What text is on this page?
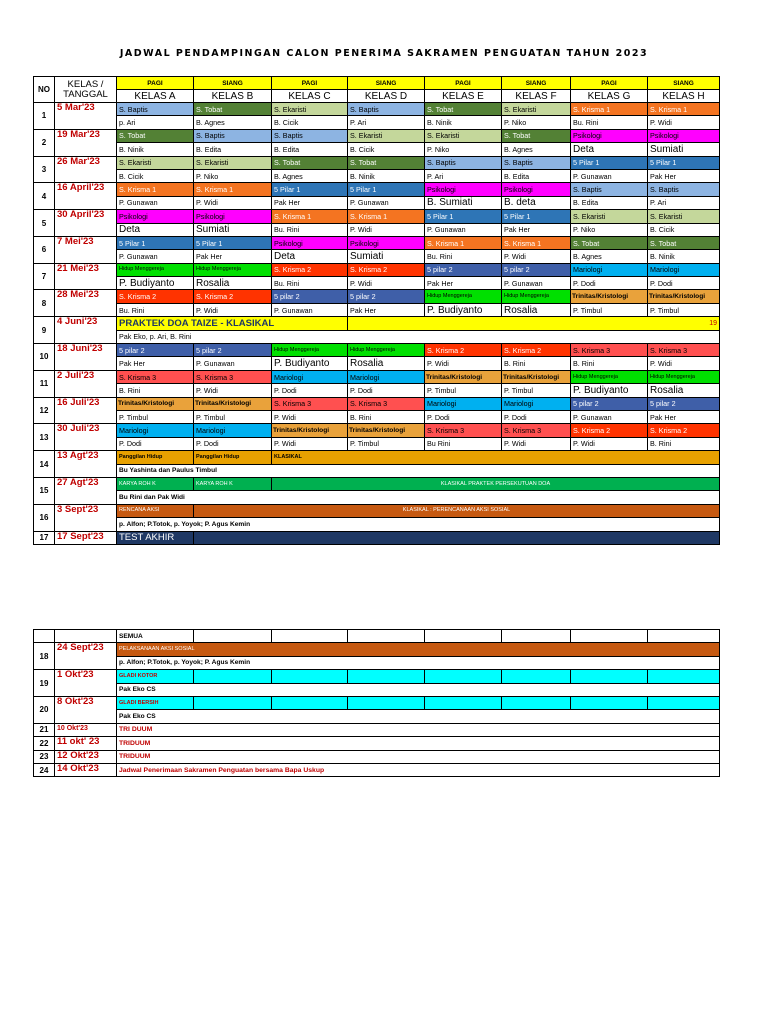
JADWAL PENDAMPINGAN CALON PENERIMA SAKRAMEN PENGUATAN TAHUN 2023
NO	KELAS /
TANGGAL	PAGI	SIANG	PAGI	SIANG	PAGI	SIANG	PAGI	SIANG
		KELAS A	KELAS B	KELAS C	KELAS D	KELAS E	KELAS F	KELAS G	KELAS H
1	5 Mar'23	S. Baptis	S. Tobat	S. Ekaristi	S. Baptis	S. Tobat	S. Ekaristi	S. Krisma 1	S. Krisma 1
		p. Ari	B. Agnes	B. Cicik	P. Ari	B. Ninik	P. Niko	Bu. Rini	P. Widi
2	19 Mar'23	S. Tobat	S. Baptis	S. Baptis	S. Ekaristi	S. Ekaristi	S. Tobat	Psikologi	Psikologi
		B. Ninik	B. Edita	B. Edita	B. Cicik	P. Niko	B. Agnes	Deta	Sumiati
3	26 Mar'23	S. Ekaristi	S. Ekaristi	S. Tobat	S. Tobat	S. Baptis	S. Baptis	5 Pilar 1	5 Pilar 1
		B. Cicik	P. Niko	B. Agnes	B. Ninik	P. Ari	B. Edita	P. Gunawan	Pak Her
4	16 April'23	S. Krisma 1	S. Krisma 1	5 Pilar 1	5 Pilar 1	Psikologi	Psikologi	S. Baptis	S. Baptis
		P. Gunawan	P. Widi	Pak Her	P. Gunawan	B. Sumiati	B. deta	B. Edita	P. Ari
5	30 April'23	Psikologi	Psikologi	S. Krisma 1	S. Krisma 1	5 Pilar 1	5 Pilar 1	S. Ekaristi	S. Ekaristi
		Deta	Sumiati	Bu. Rini	P. Widi	P. Gunawan	Pak Her	P. Niko	B. Cicik
6	7 Mei'23	5 Pilar 1	5 Pilar 1	Psikologi	Psikologi	S. Krisma 1	S. Krisma 1	S. Tobat	S. Tobat
		P. Gunawan	Pak Her	Deta	Sumiati	Bu. Rini	P. Widi	B. Agnes	B. Ninik
7	21 Mei'23	Hidup Menggereja	Hidup Menggereja	S. Krisma 2	S. Krisma 2	5 pilar 2	5 pilar 2	Mariologi	Mariologi
		P. Budiyanto	Rosalia	Bu. Rini	P. Widi	Pak Her	P. Gunawan	P. Dodi	P. Dodi
8	28 Mei'23	S. Krisma 2	S. Krisma 2	5 pilar 2	5 pilar 2	Hidup Menggereja	Hidup Menggereja	Trinitas/Kristologi	Trinitas/Kristologi
		Bu. Rini	P. Widi	P. Gunawan	Pak Her	P. Budiyanto	Rosalia	P. Timbul	P. Timbul
9	4 Juni'23	PRAKTEK DOA TAIZE - KLASIKAL			19				
		Pak Eko, p. Ari, B. Rini							
10	18 Juni'23	5 pilar 2	5 pilar 2	Hidup Menggereja	Hidup Menggereja	S. Krisma 2	S. Krisma 2	S. Krisma 3	S. Krisma 3
		Pak Her	P. Gunawan	P. Budiyanto	Rosalia	P. Widi	B. Rini	B. Rini	P. Widi
11	2 Juli'23	S. Krisma 3	S. Krisma 3	Mariologi	Mariologi	Trinitas/Kristologi	Trinitas/Kristologi	Hidup Menggereja	Hidup Menggereja
		B. Rini	P. Widi	P. Dodi	P. Dodi	P. Timbul	P. Timbul	P. Budiyanto	Rosalia
12	16 Juli'23	Trinitas/Kristologi	Trinitas/Kristologi	S. Krisma 3	S. Krisma 3	Mariologi	Mariologi	5 pilar 2	5 pilar 2
		P. Timbul	P. Timbul	P. Widi	B. Rini	P. Dodi	P. Dodi	P. Gunawan	Pak Her
13	30 Juli'23	Mariologi	Mariologi	Trinitas/Kristologi	Trinitas/Kristologi	S. Krisma 3	S. Krisma 3	S. Krisma 2	S. Krisma 2
		P. Dodi	P. Dodi	P. Widi	P. Timbul	Bu Rini	P. Widi	P. Widi	B. Rini
14	13 Agt'23	Panggilan Hidup	Panggilan Hidup	KLASIKAL					
		Bu Yashinta dan Paulus Timbul							
15	27 Agt'23	KARYA ROH K	KARYA ROH K	KLASIKAL PRAKTEK PERSEKUTUAN DOA					
		Bu Rini dan Pak Widi							
16	3 Sept'23	RENCANA AKSI	KLASIKAL : PERENCANAAN AKSI SOSIAL						
		p. Alfon; P.Totok, p. Yoyok; P. Agus Kemin							
17	17 Sept'23	TEST AKHIR							
		SEMUA							
18	24 Sept'23	PELAKSANAAN AKSI SOSIAL							
		p. Alfon; P.Totok, p. Yoyok; P. Agus Kemin							
19	1 Okt'23	GLADI KOTOR							
		Pak Eko CS							
20	8 Okt'23	GLADI BERSIH							
		Pak Eko CS							
21	10 Okt'23	TRI DUUM							
22	11 okt' 23	TRIDUUM							
23	12 Okt'23	TRIDUUM							
24	14 Okt'23	Jadwal Penerimaan Sakramen Penguatan bersama Bapa Uskup							
